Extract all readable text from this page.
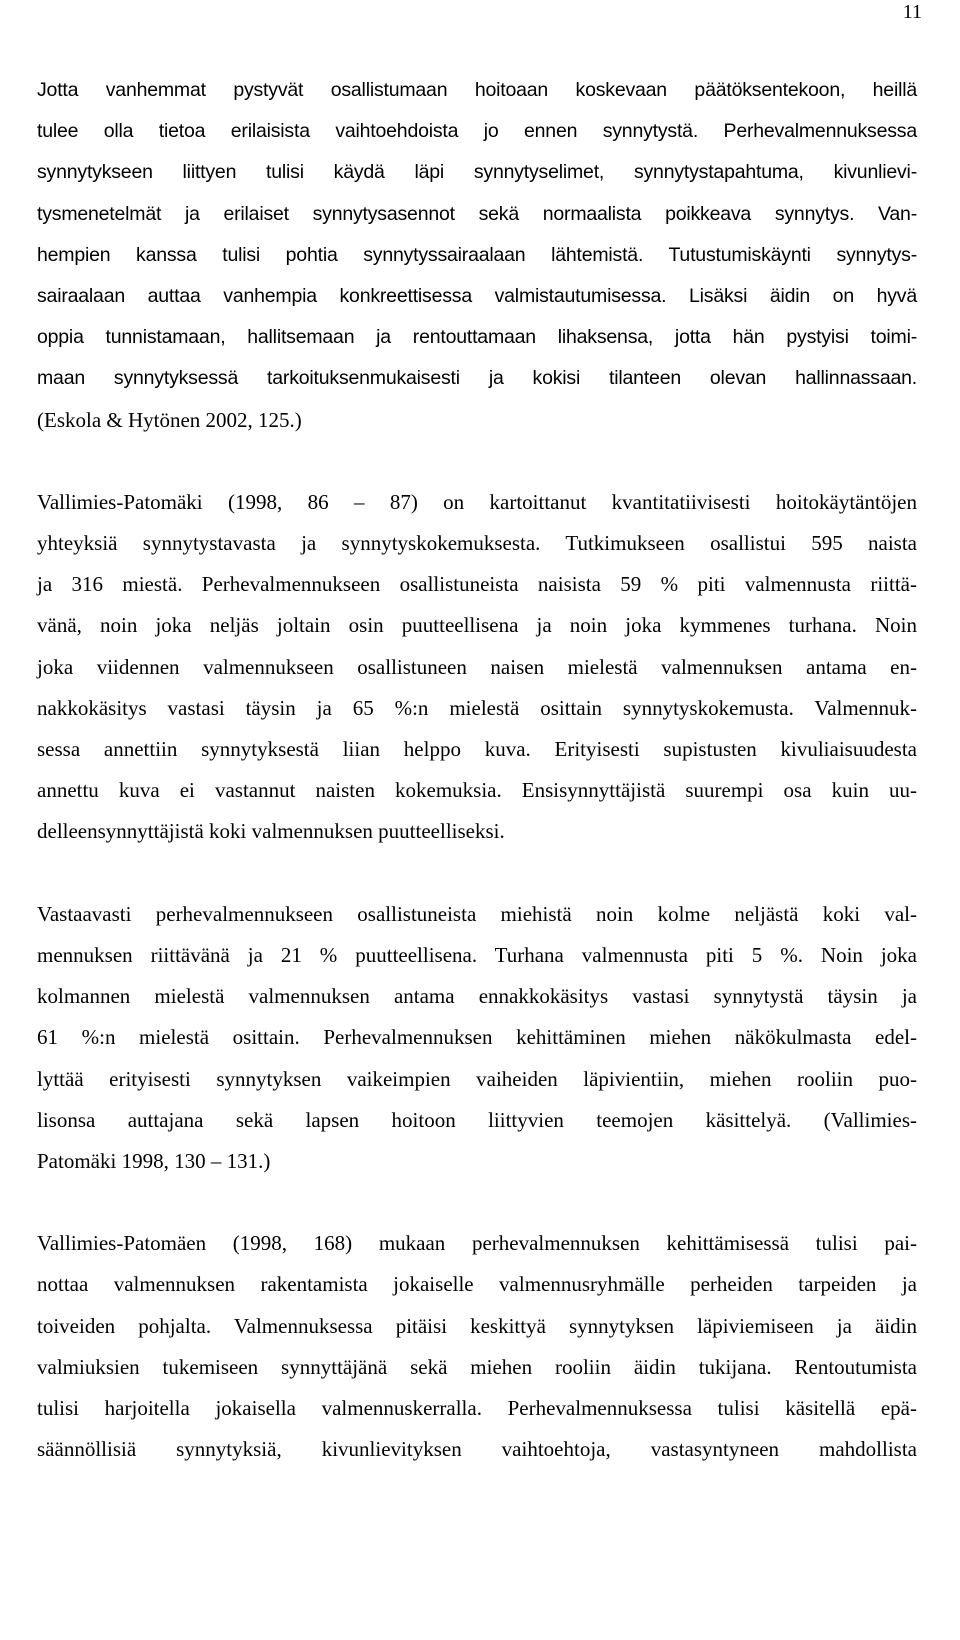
11
Jotta vanhemmat pystyvät osallistumaan hoitoaan koskevaan päätöksentekoon, heillä
tulee olla tietoa erilaisista vaihtoehdoista jo ennen synnytystä. Perhevalmennuksessa
synnytykseen liittyen tulisi käydä läpi synnytyselimet, synnytystapahtuma, kivunlievi-
tysmenetelmät ja erilaiset synnytysasennot sekä normaalista poikkeava synnytys. Van-
hempien kanssa tulisi pohtia synnytyssairaalaan lähtemistä. Tutustumiskäynti synnytys-
sairaalaan auttaa vanhempia konkreettisessa valmistautumisessa. Lisäksi äidin on hyvä
oppia tunnistamaan, hallitsemaan ja rentouttamaan lihaksensa, jotta hän pystyisi toimi-
maan synnytyksessä tarkoituksenmukaisesti ja kokisi tilanteen olevan hallinnassaan.
(Eskola & Hytönen 2002, 125.)
Vallimies-Patomäki (1998, 86 – 87) on kartoittanut kvantitatiivisesti hoitokäytäntöjen
yhteyksiä synnytystavasta ja synnytyskokemuksesta. Tutkimukseen osallistui 595 naista
ja 316 miestä. Perhevalmennukseen osallistuneista naisista 59 % piti valmennusta riittä-
vänä, noin joka neljäs joltain osin puutteellisena ja noin joka kymmenes turhana. Noin
joka viidennen valmennukseen osallistuneen naisen mielestä valmennuksen antama en-
nakkokäsitys vastasi täysin ja 65 %:n mielestä osittain synnytyskokemusta. Valmennuk-
sessa annettiin synnytyksestä liian helppo kuva. Erityisesti supistusten kivuliaisuudesta
annettu kuva ei vastannut naisten kokemuksia. Ensisynnyttäjistä suurempi osa kuin uu-
delleensynnyttäjistä koki valmennuksen puutteelliseksi.
Vastaavasti perhevalmennukseen osallistuneista miehistä noin kolme neljästä koki val-
mennuksen riittävänä ja 21 % puutteellisena. Turhana valmennusta piti 5 %. Noin joka
kolmannen mielestä valmennuksen antama ennakkokäsitys vastasi synnytystä täysin ja
61 %:n mielestä osittain. Perhevalmennuksen kehittäminen miehen näkökulmasta edel-
lyttää erityisesti synnytyksen vaikeimpien vaiheiden läpivientiin, miehen rooliin puo-
lisonsa auttajana sekä lapsen hoitoon liittyvien teemojen käsittelyä. (Vallimies-
Patomäki 1998, 130 – 131.)
Vallimies-Patomäen (1998, 168) mukaan perhevalmennuksen kehittämisessä tulisi pai-
nottaa valmennuksen rakentamista jokaiselle valmennusryhmälle perheiden tarpeiden ja
toiveiden pohjalta. Valmennuksessa pitäisi keskittyä synnytyksen läpiviemiseen ja äidin
valmiuksien tukemiseen synnyttäjänä sekä miehen rooliin äidin tukijana. Rentoutumista
tulisi harjoitella jokaisella valmennuskerralla. Perhevalmennuksessa tulisi käsitellä epä-
säännöllisiä synnytyksiä, kivunlievityksen vaihtoehtoja, vastasyntyneen mahdollista
